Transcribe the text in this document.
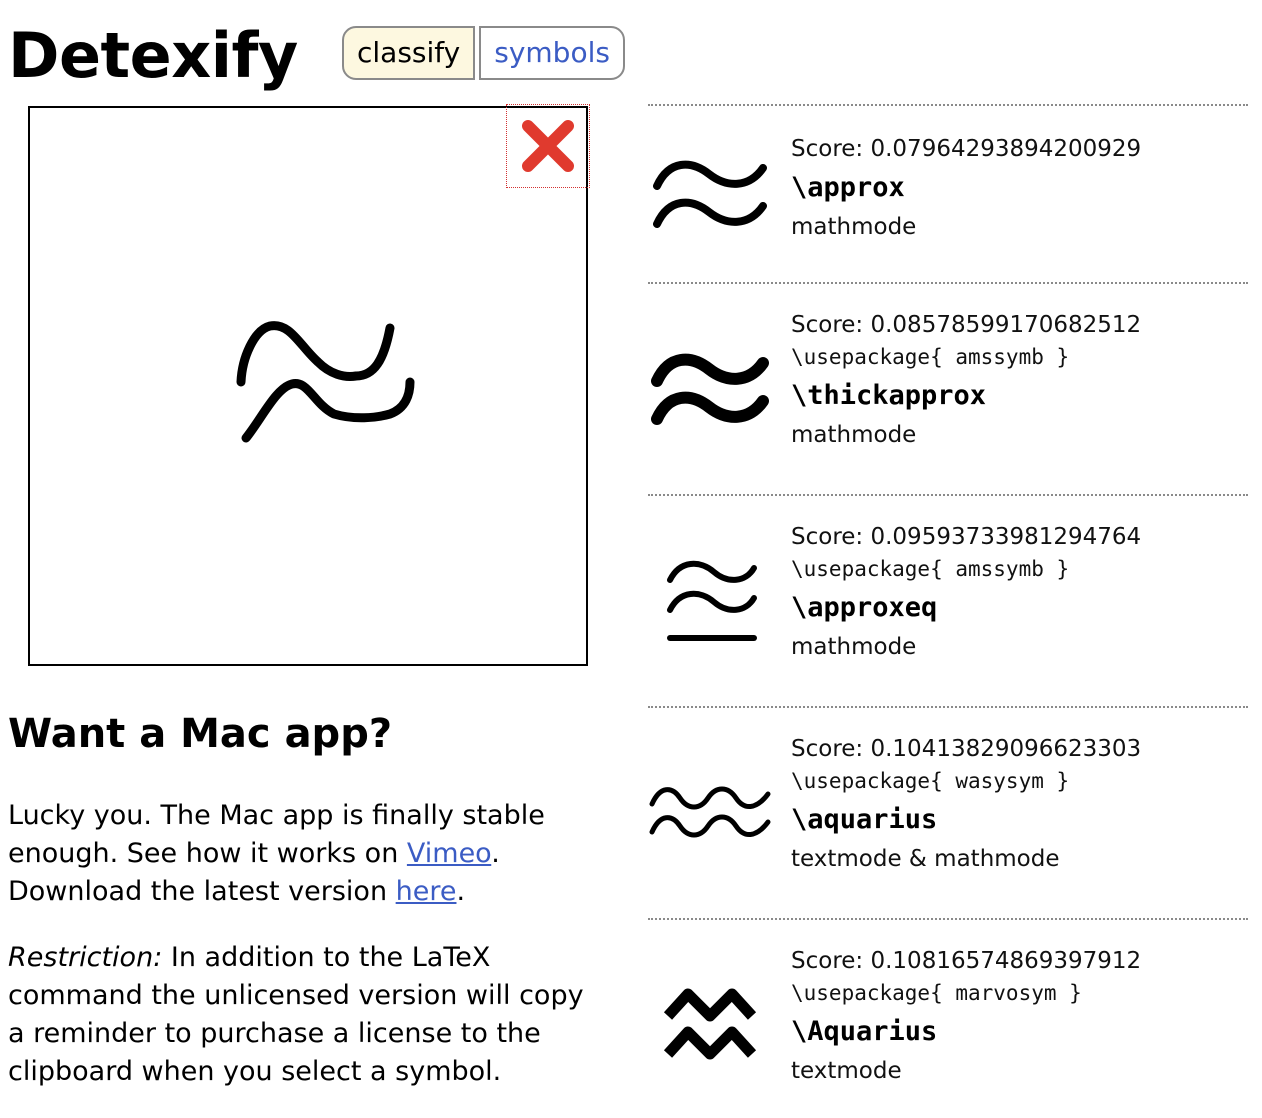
Detexify	classify	symbols
Want a Mac app?

Lucky you. The Mac app is finally stable enough. See how it works on Vimeo. Download the latest version here.

Restriction: In addition to the LaTeX command the unlicensed version will copy a reminder to purchase a license to the clipboard when you select a symbol.

Score: 0.07964293894200929
\approx
mathmode
Score: 0.08578599170682512
\usepackage{ amssymb }
\thickapprox
mathmode
Score: 0.09593733981294764
\usepackage{ amssymb }
\approxeq
mathmode
Score: 0.10413829096623303
\usepackage{ wasysym }
\aquarius
textmode & mathmode
Score: 0.10816574869397912
\usepackage{ marvosym }
\Aquarius
textmode
